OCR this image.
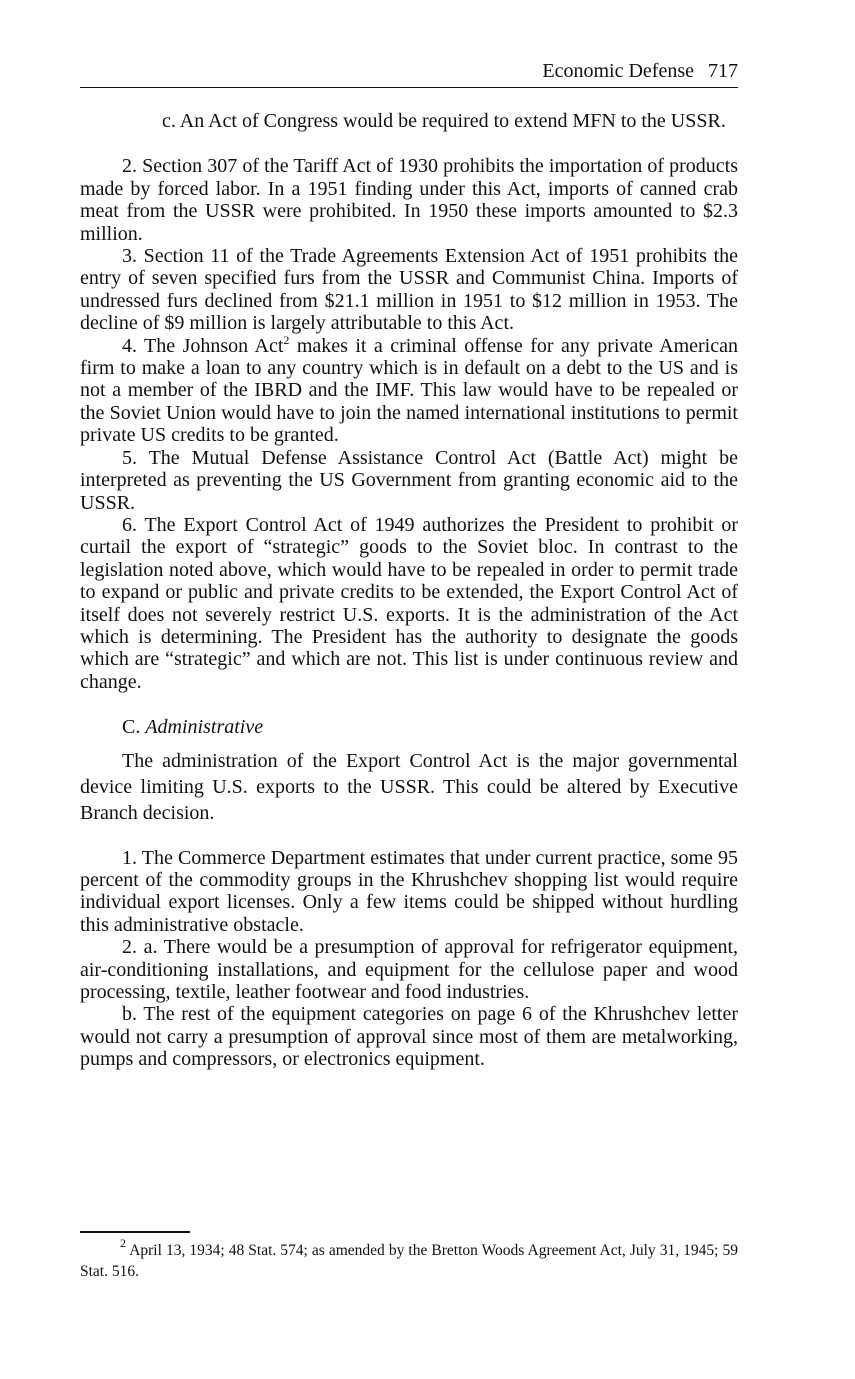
Economic Defense 717

c. An Act of Congress would be required to extend MFN to the USSR.

2. Section 307 of the Tariff Act of 1930 prohibits the importation of products made by forced labor. In a 1951 finding under this Act, imports of canned crab meat from the USSR were prohibited. In 1950 these imports amounted to $2.3 million.

3. Section 11 of the Trade Agreements Extension Act of 1951 prohibits the entry of seven specified furs from the USSR and Communist China. Imports of undressed furs declined from $21.1 million in 1951 to $12 million in 1953. The decline of $9 million is largely attributable to this Act.

4. The Johnson Act$^2$ makes it a criminal offense for any private American firm to make a loan to any country which is in default on a debt to the US and is not a member of the IBRD and the IMF. This law would have to be repealed or the Soviet Union would have to join the named international institutions to permit private US credits to be granted.

5. The Mutual Defense Assistance Control Act (Battle Act) might be interpreted as preventing the US Government from granting economic aid to the USSR.

6. The Export Control Act of 1949 authorizes the President to prohibit or curtail the export of “strategic” goods to the Soviet bloc. In contrast to the legislation noted above, which would have to be repealed in order to permit trade to expand or public and private credits to be extended, the Export Control Act of itself does not severely restrict U.S. exports. It is the administration of the Act which is determining. The President has the authority to designate the goods which are “strategic” and which are not. This list is under continuous review and change.

C. Administrative

The administration of the Export Control Act is the major governmental device limiting U.S. exports to the USSR. This could be altered by Executive Branch decision.

1. The Commerce Department estimates that under current practice, some 95 percent of the commodity groups in the Khrushchev shopping list would require individual export licenses. Only a few items could be shipped without hurdling this administrative obstacle.

2. a. There would be a presumption of approval for refrigerator equipment, air-conditioning installations, and equipment for the cellulose paper and wood processing, textile, leather footwear and food industries.

b. The rest of the equipment categories on page 6 of the Khrushchev letter would not carry a presumption of approval since most of them are metalworking, pumps and compressors, or electronics equipment.

$^2$ April 13, 1934; 48 Stat. 574; as amended by the Bretton Woods Agreement Act, July 31, 1945; 59 Stat. 516.
